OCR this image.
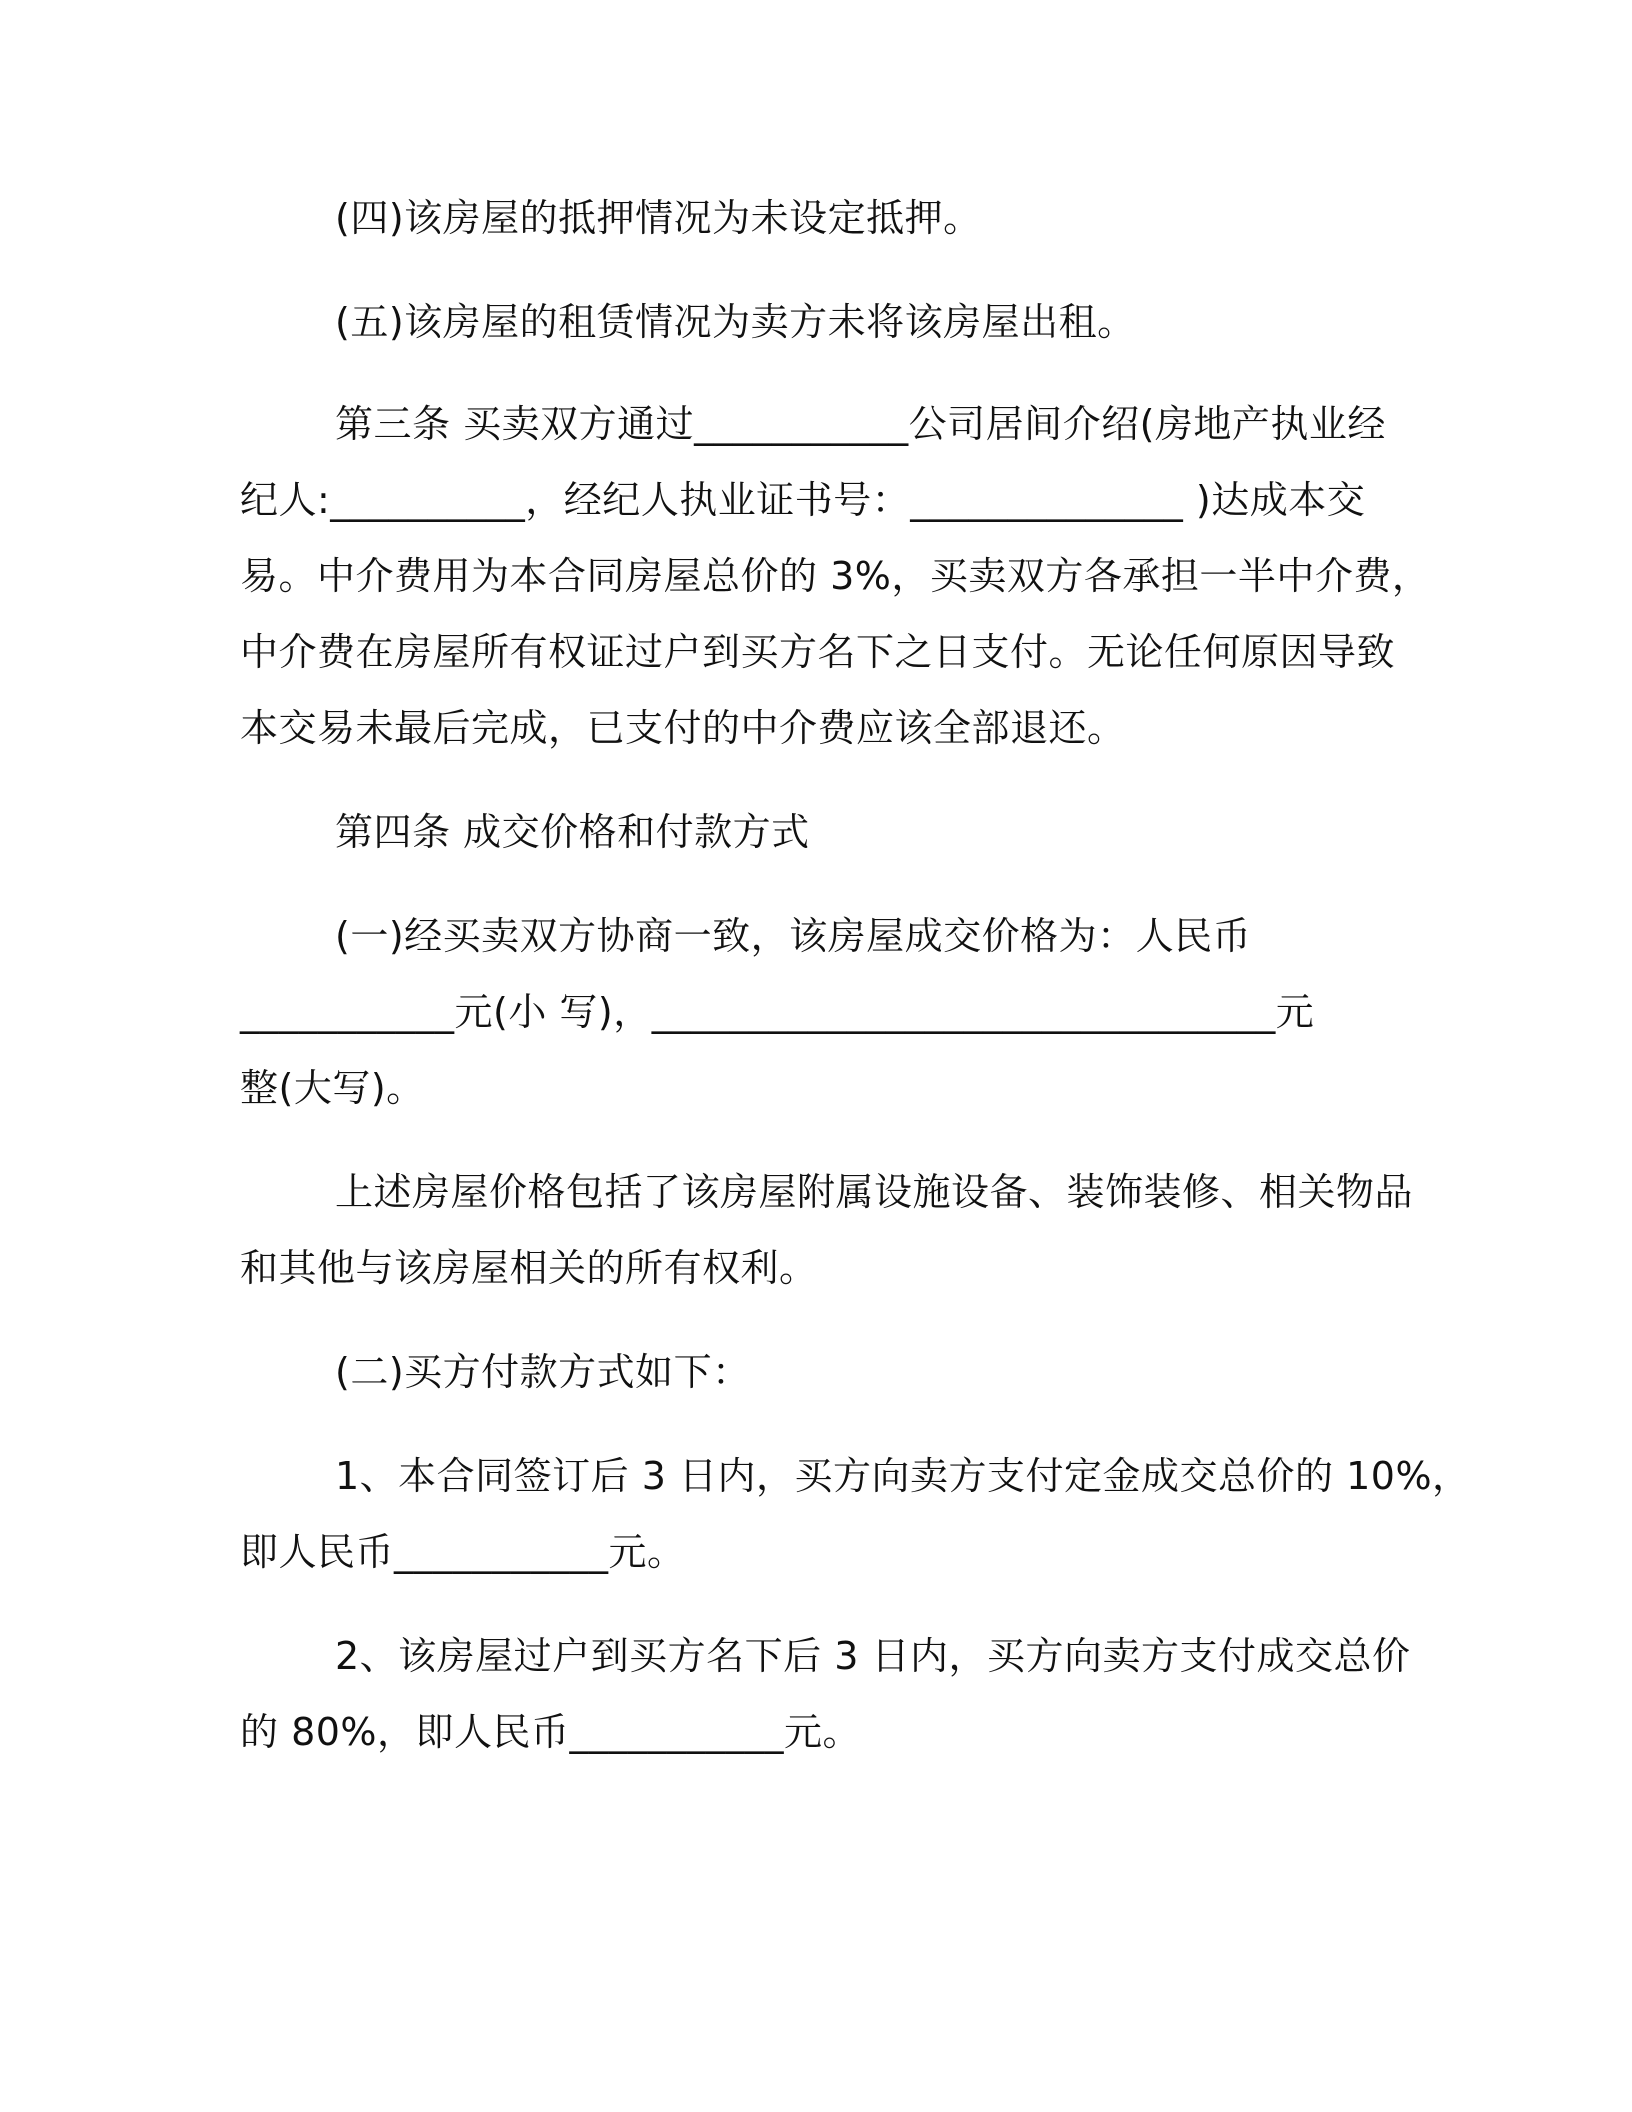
(四)该房屋的抵押情况为未设定抵押。
(五)该房屋的租赁情况为卖方未将该房屋出租。
第三条 买卖双方通过___________公司居间介绍(房地产执业经
纪人:__________，经纪人执业证书号：______________ )达成本交
易。中介费用为本合同房屋总价的 3%，买卖双方各承担一半中介费，
中介费在房屋所有权证过户到买方名下之日支付。无论任何原因导致
本交易未最后完成，已支付的中介费应该全部退还。
第四条 成交价格和付款方式
(一)经买卖双方协商一致，该房屋成交价格为：人民币
___________元(小 写)，________________________________元
整(大写)。
上述房屋价格包括了该房屋附属设施设备、装饰装修、相关物品
和其他与该房屋相关的所有权利。
(二)买方付款方式如下：
1、本合同签订后 3 日内，买方向卖方支付定金成交总价的 10%，
即人民币___________元。
2、该房屋过户到买方名下后 3 日内，买方向卖方支付成交总价
的 80%，即人民币___________元。
